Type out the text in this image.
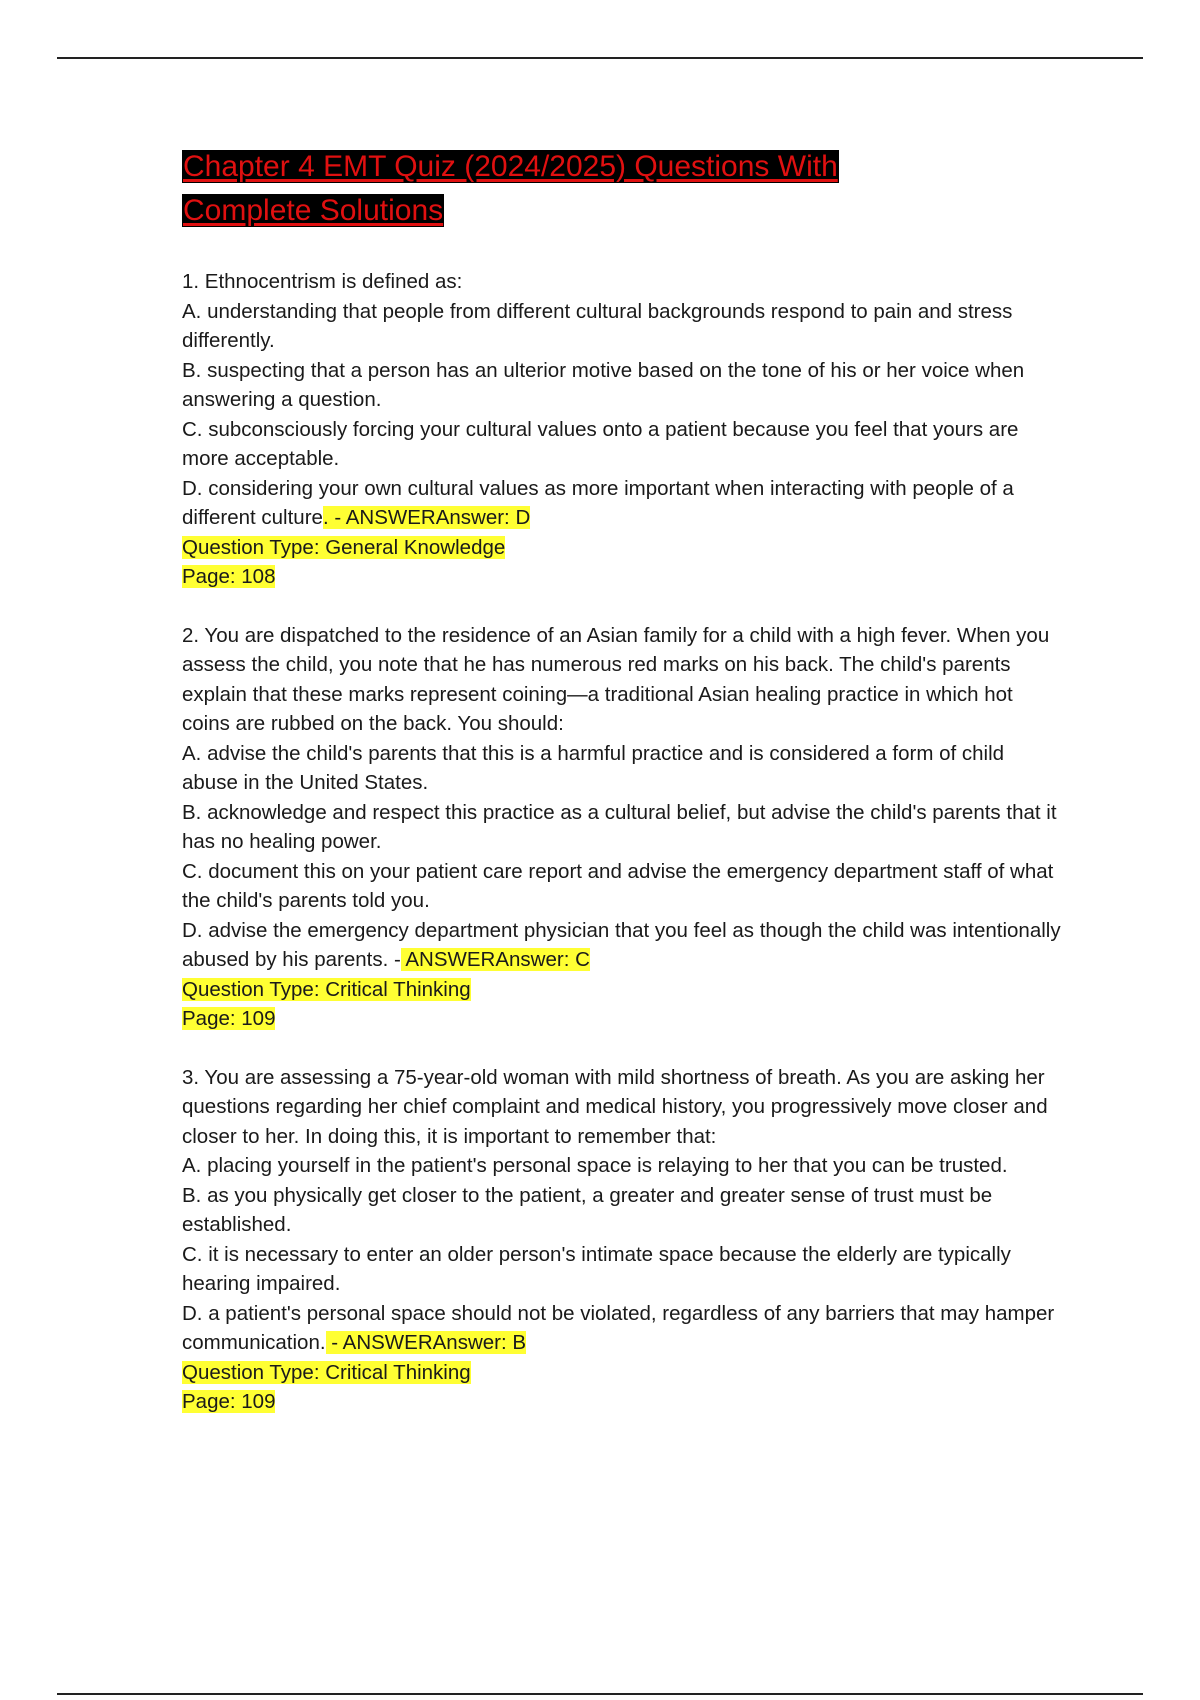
Chapter 4 EMT Quiz (2024/2025) Questions With
Complete Solutions

1. Ethnocentrism is defined as:

A. understanding that people from different cultural backgrounds respond to pain and stress differently.

B. suspecting that a person has an ulterior motive based on the tone of his or her voice when answering a question.

C. subconsciously forcing your cultural values onto a patient because you feel that yours are more acceptable.

D. considering your own cultural values as more important when interacting with people of a different culture. - ANSWERAnswer: D

Question Type: General Knowledge

Page: 108

2. You are dispatched to the residence of an Asian family for a child with a high fever. When you assess the child, you note that he has numerous red marks on his back. The child's parents explain that these marks represent coining—a traditional Asian healing practice in which hot coins are rubbed on the back. You should:

A. advise the child's parents that this is a harmful practice and is considered a form of child abuse in the United States.

B. acknowledge and respect this practice as a cultural belief, but advise the child's parents that it has no healing power.

C. document this on your patient care report and advise the emergency department staff of what the child's parents told you.

D. advise the emergency department physician that you feel as though the child was intentionally abused by his parents. - ANSWERAnswer: C

Question Type: Critical Thinking

Page: 109

3. You are assessing a 75-year-old woman with mild shortness of breath. As you are asking her questions regarding her chief complaint and medical history, you progressively move closer and closer to her. In doing this, it is important to remember that:

A. placing yourself in the patient's personal space is relaying to her that you can be trusted.

B. as you physically get closer to the patient, a greater and greater sense of trust must be established.

C. it is necessary to enter an older person's intimate space because the elderly are typically hearing impaired.

D. a patient's personal space should not be violated, regardless of any barriers that may hamper communication. - ANSWERAnswer: B

Question Type: Critical Thinking

Page: 109
